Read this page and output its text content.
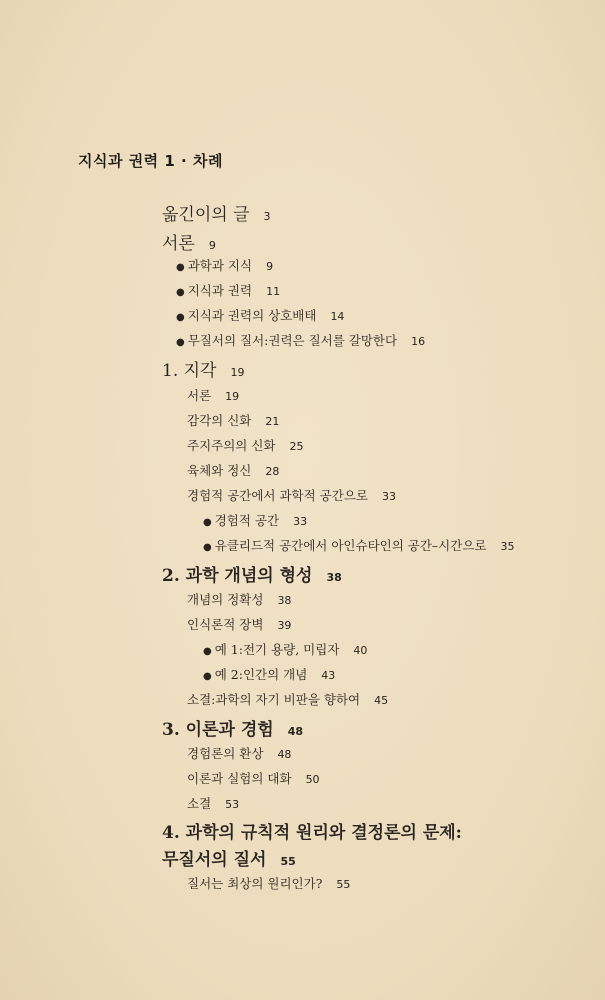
지식과 권력 1 · 차례
옮긴이의 글 3
서론 9
● 과학과 지식 9
● 지식과 권력 11
● 지식과 권력의 상호배태 14
● 무질서의 질서:권력은 질서를 갈망한다 16
1. 지각 19
서론 19
감각의 신화 21
주지주의의 신화 25
육체와 정신 28
경험적 공간에서 과학적 공간으로 33
● 경험적 공간 33
● 유클리드적 공간에서 아인슈타인의 공간–시간으로 35
2. 과학 개념의 형성 38
개념의 정확성 38
인식론적 장벽 39
● 예 1:전기 용량, 미립자 40
● 예 2:인간의 개념 43
소결:과학의 자기 비판을 향하여 45
3. 이론과 경험 48
경험론의 환상 48
이론과 실험의 대화 50
소결 53
4. 과학의 규칙적 원리와 결정론의 문제:
무질서의 질서 55
질서는 최상의 원리인가? 55
